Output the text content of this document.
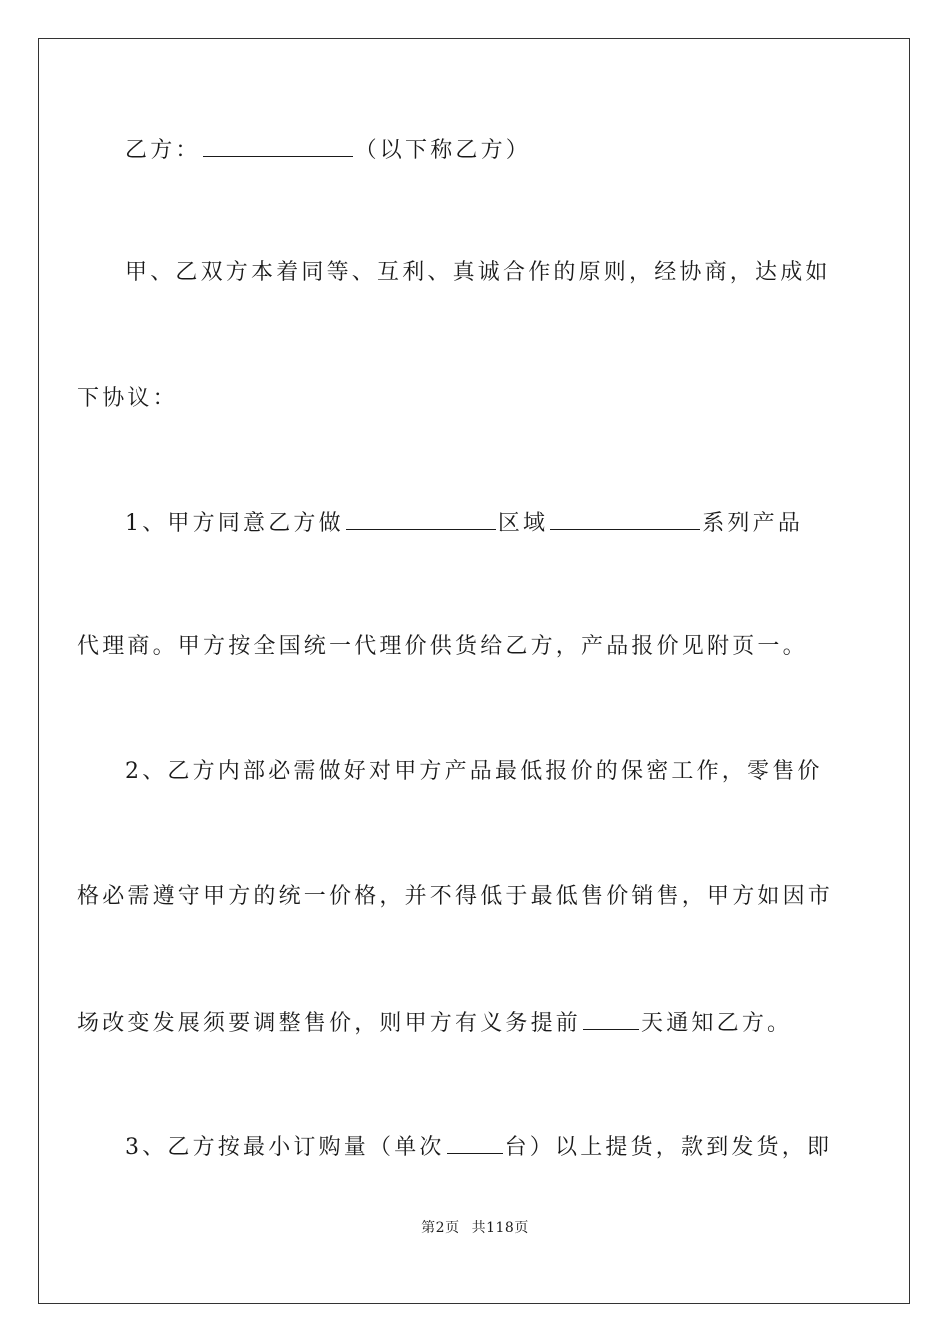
乙方：	（以下称乙方）
甲、乙双方本着同等、互利、真诚合作的原则，经协商，达成如
下协议：
1、甲方同意乙方做	区域	系列产品
代理商。甲方按全国统一代理价供货给乙方，产品报价见附页一。
2、乙方内部必需做好对甲方产品最低报价的保密工作，零售价
格必需遵守甲方的统一价格，并不得低于最低售价销售，甲方如因市
场改变发展须要调整售价，则甲方有义务提前	天通知乙方。
3、乙方按最小订购量（单次	台）以上提货，款到发货，即
第2页 共118页
